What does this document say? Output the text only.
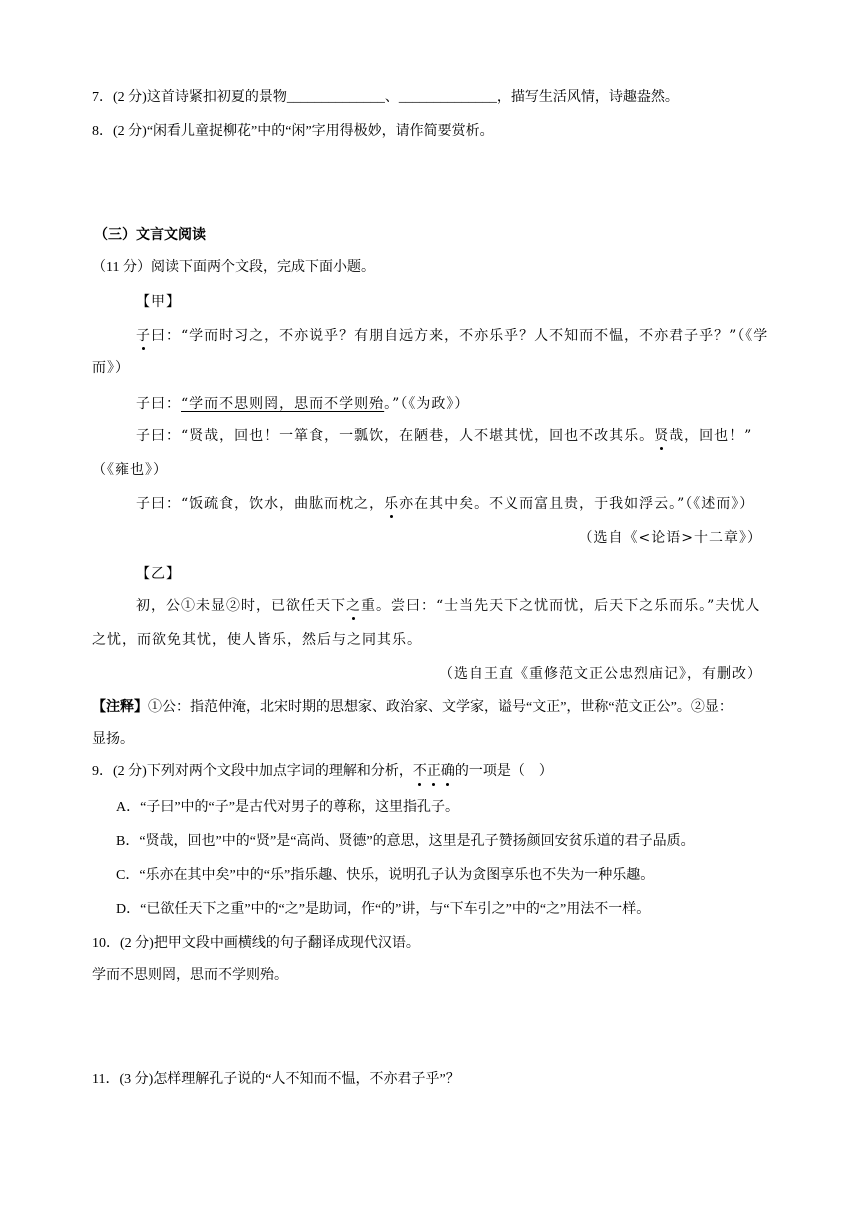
7．(2 分)这首诗紧扣初夏的景物______________、______________，描写生活风情，诗趣盎然。
8．(2 分)“闲看儿童捉柳花”中的“闲”字用得极妙，请作简要赏析。
（三）文言文阅读
（11 分）阅读下面两个文段，完成下面小题。
【甲】
子曰：“学而时习之，不亦说乎？有朋自远方来，不亦乐乎？人不知而不愠，不亦君子乎？”（《学
而》）
子曰：“学而不思则罔，思而不学则殆。”（《为政》）
子曰：“贤哉，回也！一箪食，一瓢饮，在陋巷，人不堪其忧，回也不改其乐。贤哉，回也！”
（《雍也》）
子曰：“饭疏食，饮水，曲肱而枕之，乐亦在其中矣。不义而富且贵，于我如浮云。”（《述而》）
（选自《<论语>十二章》）
【乙】
初，公①未显②时，已欲任天下之重。尝曰：“士当先天下之忧而忧，后天下之乐而乐。”夫忧人
之忧，而欲免其忧，使人皆乐，然后与之同其乐。
（选自王直《重修范文正公忠烈庙记》，有删改）
【注释】①公：指范仲淹，北宋时期的思想家、政治家、文学家，谥号“文正”，世称“范文正公”。②显：
显扬。
9．(2 分)下列对两个文段中加点字词的理解和分析，不正确的一项是（　）
A．“子曰”中的“子”是古代对男子的尊称，这里指孔子。
B．“贤哉，回也”中的“贤”是“高尚、贤德”的意思，这里是孔子赞扬颜回安贫乐道的君子品质。
C．“乐亦在其中矣”中的“乐”指乐趣、快乐，说明孔子认为贪图享乐也不失为一种乐趣。
D．“已欲任天下之重”中的“之”是助词，作“的”讲，与“下车引之”中的“之”用法不一样。
10．(2 分)把甲文段中画横线的句子翻译成现代汉语。
学而不思则罔，思而不学则殆。
11．(3 分)怎样理解孔子说的“人不知而不愠，不亦君子乎”？
